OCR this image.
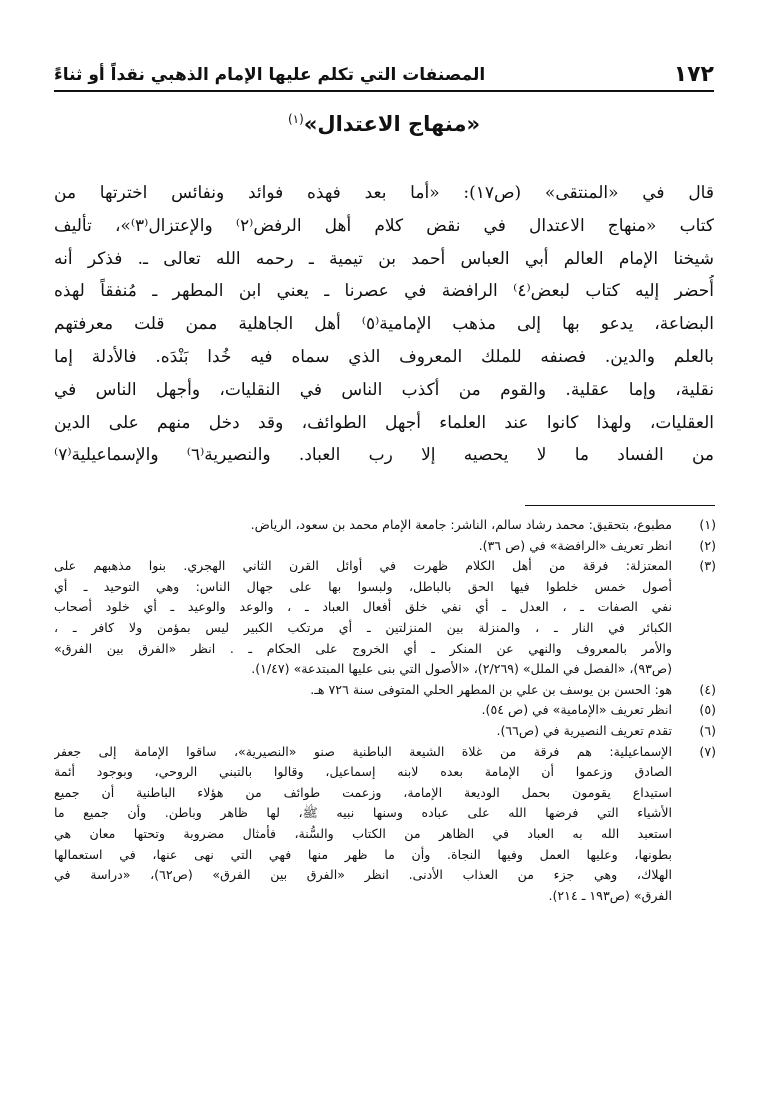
١٧٢
المصنفات التي تكلم عليها الإمام الذهبي نقداً أو ثناءً
«منهاج الاعتدال»$^{(١)}$
قال في «المنتقى» (ص١٧): «أما بعد فهذه فوائد ونفائس اخترتها من
كتاب «منهاج الاعتدال في نقض كلام أهل الرفض⁽٢⁾ والإعتزال⁽٣⁾»، تأليف
شيخنا الإمام العالم أبي العباس أحمد بن تيمية ـ رحمه الله تعالى ـ. فذكر أنه
أُحضر إليه كتاب لبعض⁽٤⁾ الرافضة في عصرنا ـ يعني ابن المطهر ـ مُنفقاً لهذه
البضاعة، يدعو بها إلى مذهب الإمامية⁽٥⁾ أهل الجاهلية ممن قلت معرفتهم
بالعلم والدين. فصنفه للملك المعروف الذي سماه فيه خُدا بَنْدَه. فالأدلة إما
نقلية، وإما عقلية. والقوم من أكذب الناس في النقليات، وأجهل الناس في
العقليات، ولهذا كانوا عند العلماء أجهل الطوائف، وقد دخل منهم على الدين
من الفساد ما لا يحصيه إلا رب العباد. والنصيرية⁽٦⁾ والإسماعيلية⁽٧⁾
(١)
مطبوع، بتحقيق: محمد رشاد سالم، الناشر: جامعة الإمام محمد بن سعود، الرياض.
(٢)
انظر تعريف «الرافضة» في (ص ٣٦).
(٣)
المعتزلة: فرقة من أهل الكلام ظهرت في أوائل القرن الثاني الهجري. بنوا مذهبهم على
أصول خمس خلطوا فيها الحق بالباطل، ولبسوا بها على جهال الناس: وهي التوحيد ـ أي
نفي الصفات ـ ، العدل ـ أي نفي خلق أفعال العباد ـ ، والوعد والوعيد ـ أي خلود أصحاب
الكبائر في النار ـ ، والمنزلة بين المنزلتين ـ أي مرتكب الكبير ليس بمؤمن ولا كافر ـ ،
والأمر بالمعروف والنهي عن المنكر ـ أي الخروج على الحكام ـ . انظر «الفرق بين الفرق»
(ص٩٣)، «الفصل في الملل» (٢/٢٦٩)، «الأصول التي بنى عليها المبتدعة» (١/٤٧).
(٤)
هو: الحسن بن يوسف بن علي بن المطهر الحلي المتوفى سنة ٧٢٦ هـ.
(٥)
انظر تعريف «الإمامية» في (ص ٥٤).
(٦)
تقدم تعريف النصيرية في (ص٦٦).
(٧)
الإسماعيلية: هم فرقة من غلاة الشيعة الباطنية صنو «النصيرية»، ساقوا الإمامة إلى جعفر
الصادق وزعموا أن الإمامة بعده لابنه إسماعيل، وقالوا بالتبني الروحي، وبوجود أئمة
استيداع يقومون بحمل الوديعة الإمامة، وزعمت طوائف من هؤلاء الباطنية أن جميع
الأشياء التي فرضها الله على عباده وسنها نبيه ﷺ، لها ظاهر وباطن. وأن جميع ما
استعبد الله به العباد في الظاهر من الكتاب والسُّنة، فأمثال مضروبة وتحتها معان هي
بطونها، وعليها العمل وفيها النجاة. وأن ما ظهر منها فهي التي نهى عنها، في استعمالها
الهلاك، وهي جزء من العذاب الأدنى. انظر «الفرق بين الفرق» (ص٦٢)، «دراسة في
الفرق» (ص١٩٣ ـ ٢١٤).
